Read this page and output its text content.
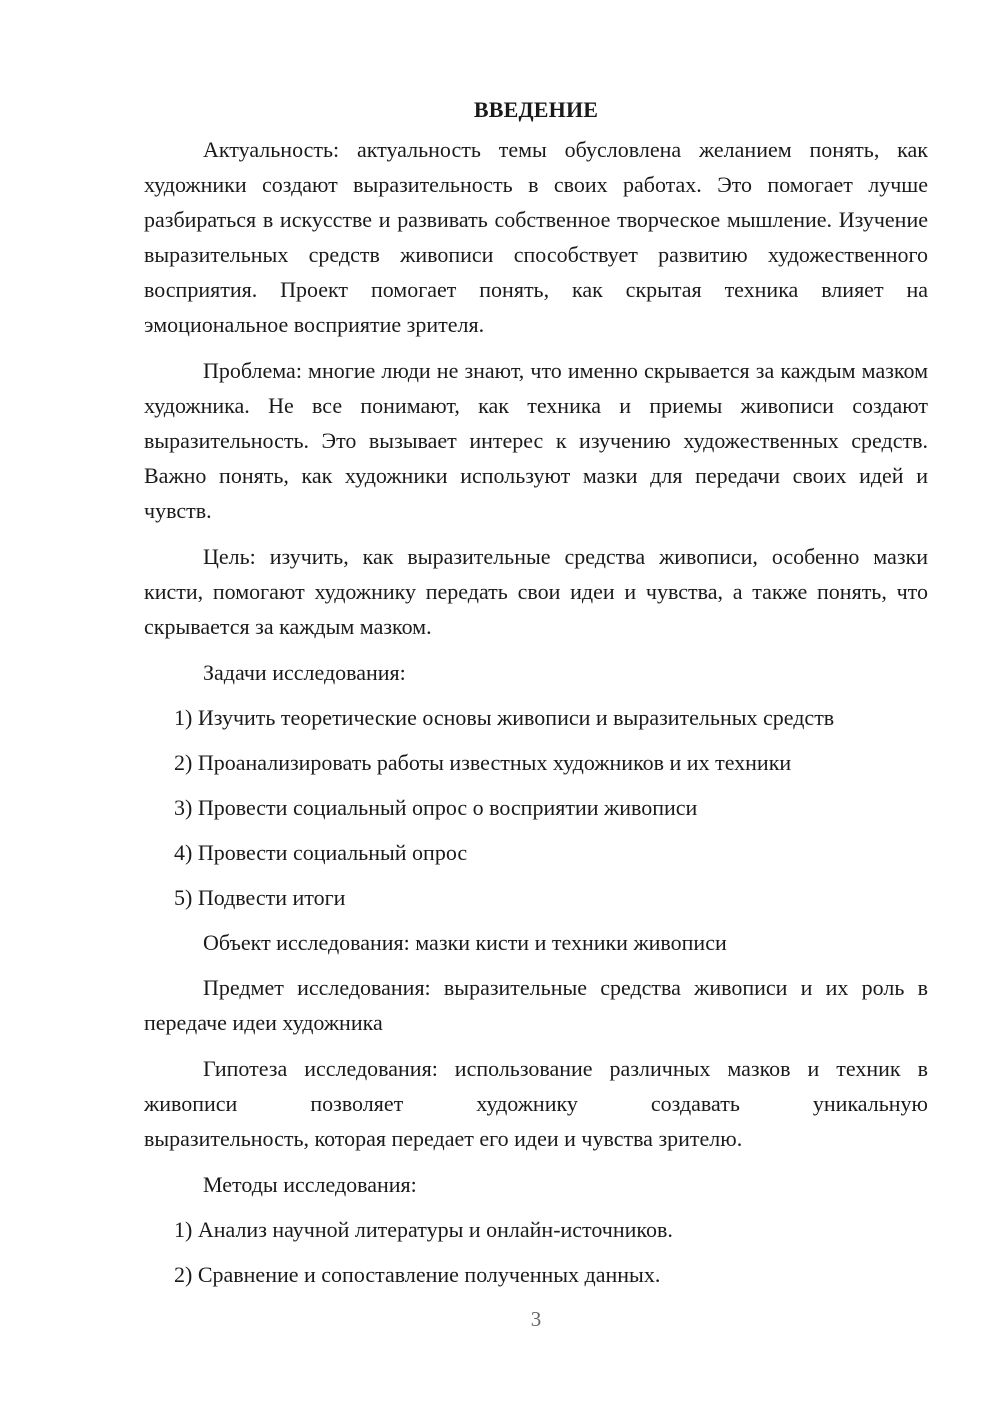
ВВЕДЕНИЕ

Актуальность: актуальность темы обусловлена желанием понять, как художники создают выразительность в своих работах. Это помогает лучше разбираться в искусстве и развивать собственное творческое мышление. Изучение выразительных средств живописи способствует развитию художественного восприятия. Проект помогает понять, как скрытая техника влияет на эмоциональное восприятие зрителя.

Проблема: многие люди не знают, что именно скрывается за каждым мазком художника. Не все понимают, как техника и приемы живописи создают выразительность. Это вызывает интерес к изучению художественных средств. Важно понять, как художники используют мазки для передачи своих идей и чувств.

Цель: изучить, как выразительные средства живописи, особенно мазки кисти, помогают художнику передать свои идеи и чувства, а также понять, что скрывается за каждым мазком.

Задачи исследования:
1) Изучить теоретические основы живописи и выразительных средств
2) Проанализировать работы известных художников и их техники
3) Провести социальный опрос о восприятии живописи
4) Провести социальный опрос
5) Подвести итоги
Объект исследования: мазки кисти и техники живописи

Предмет исследования: выразительные средства живописи и их роль в передаче идеи художника

Гипотеза исследования: использование различных мазков и техник в живописи позволяет художнику создавать уникальную

выразительность, которая передает его идеи и чувства зрителю.

Методы исследования:
1) Анализ научной литературы и онлайн-источников.
2) Сравнение и сопоставление полученных данных.
3
